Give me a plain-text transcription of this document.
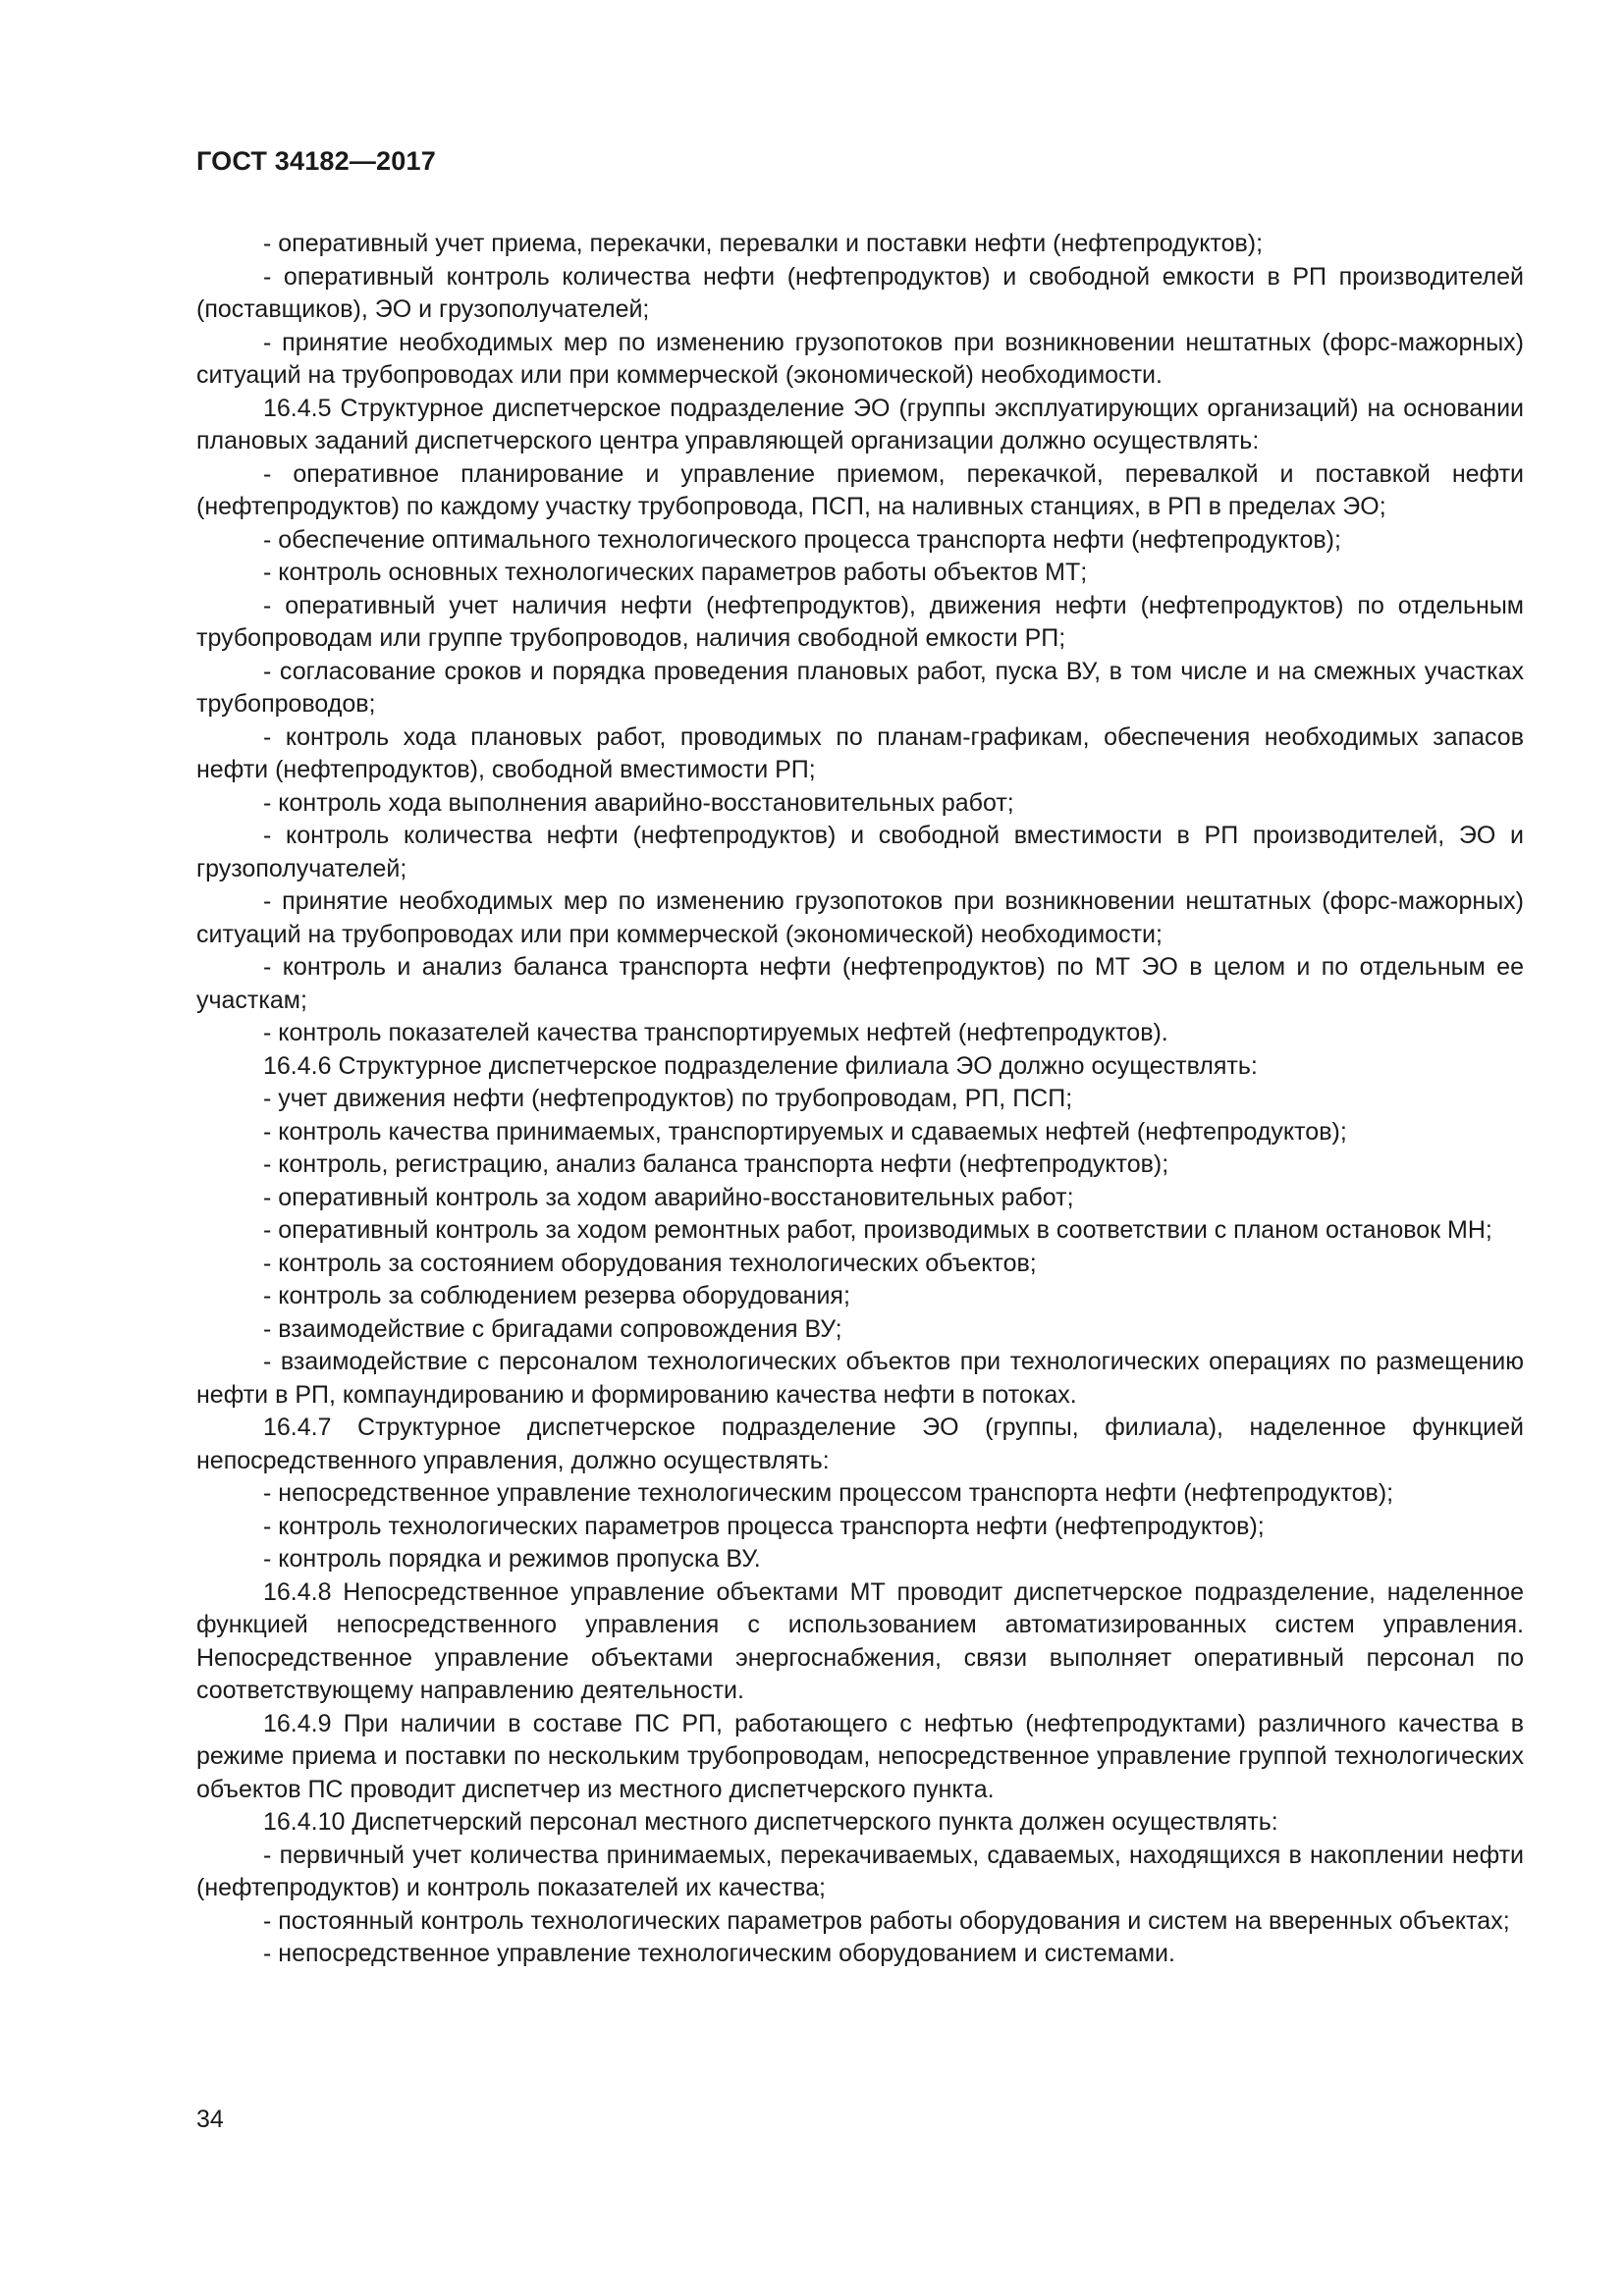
ГОСТ 34182—2017

- оперативный учет приема, перекачки, перевалки и поставки нефти (нефтепродуктов);

- оперативный контроль количества нефти (нефтепродуктов) и свободной емкости в РП производителей (поставщиков), ЭО и грузополучателей;

- принятие необходимых мер по изменению грузопотоков при возникновении нештатных (форс-мажорных) ситуаций на трубопроводах или при коммерческой (экономической) необходимости.

16.4.5 Структурное диспетчерское подразделение ЭО (группы эксплуатирующих организаций) на основании плановых заданий диспетчерского центра управляющей организации должно осуществлять:

- оперативное планирование и управление приемом, перекачкой, перевалкой и поставкой нефти (нефтепродуктов) по каждому участку трубопровода, ПСП, на наливных станциях, в РП в пределах ЭО;

- обеспечение оптимального технологического процесса транспорта нефти (нефтепродуктов);

- контроль основных технологических параметров работы объектов МТ;

- оперативный учет наличия нефти (нефтепродуктов), движения нефти (нефтепродуктов) по отдельным трубопроводам или группе трубопроводов, наличия свободной емкости РП;

- согласование сроков и порядка проведения плановых работ, пуска ВУ, в том числе и на смежных участках трубопроводов;

- контроль хода плановых работ, проводимых по планам-графикам, обеспечения необходимых запасов нефти (нефтепродуктов), свободной вместимости РП;

- контроль хода выполнения аварийно-восстановительных работ;

- контроль количества нефти (нефтепродуктов) и свободной вместимости в РП производителей, ЭО и грузополучателей;

- принятие необходимых мер по изменению грузопотоков при возникновении нештатных (форс-мажорных) ситуаций на трубопроводах или при коммерческой (экономической) необходимости;

- контроль и анализ баланса транспорта нефти (нефтепродуктов) по МТ ЭО в целом и по отдельным ее участкам;

- контроль показателей качества транспортируемых нефтей (нефтепродуктов).

16.4.6 Структурное диспетчерское подразделение филиала ЭО должно осуществлять:

- учет движения нефти (нефтепродуктов) по трубопроводам, РП, ПСП;

- контроль качества принимаемых, транспортируемых и сдаваемых нефтей (нефтепродуктов);

- контроль, регистрацию, анализ баланса транспорта нефти (нефтепродуктов);

- оперативный контроль за ходом аварийно-восстановительных работ;

- оперативный контроль за ходом ремонтных работ, производимых в соответствии с планом остановок МН;

- контроль за состоянием оборудования технологических объектов;

- контроль за соблюдением резерва оборудования;

- взаимодействие с бригадами сопровождения ВУ;

- взаимодействие с персоналом технологических объектов при технологических операциях по размещению нефти в РП, компаундированию и формированию качества нефти в потоках.

16.4.7 Структурное диспетчерское подразделение ЭО (группы, филиала), наделенное функцией непосредственного управления, должно осуществлять:

- непосредственное управление технологическим процессом транспорта нефти (нефтепродуктов);

- контроль технологических параметров процесса транспорта нефти (нефтепродуктов);

- контроль порядка и режимов пропуска ВУ.

16.4.8 Непосредственное управление объектами МТ проводит диспетчерское подразделение, наделенное функцией непосредственного управления с использованием автоматизированных систем управления. Непосредственное управление объектами энергоснабжения, связи выполняет оперативный персонал по соответствующему направлению деятельности.

16.4.9 При наличии в составе ПС РП, работающего с нефтью (нефтепродуктами) различного качества в режиме приема и поставки по нескольким трубопроводам, непосредственное управление группой технологических объектов ПС проводит диспетчер из местного диспетчерского пункта.

16.4.10 Диспетчерский персонал местного диспетчерского пункта должен осуществлять:

- первичный учет количества принимаемых, перекачиваемых, сдаваемых, находящихся в накоплении нефти (нефтепродуктов) и контроль показателей их качества;

- постоянный контроль технологических параметров работы оборудования и систем на вверенных объектах;

- непосредственное управление технологическим оборудованием и системами.

34
